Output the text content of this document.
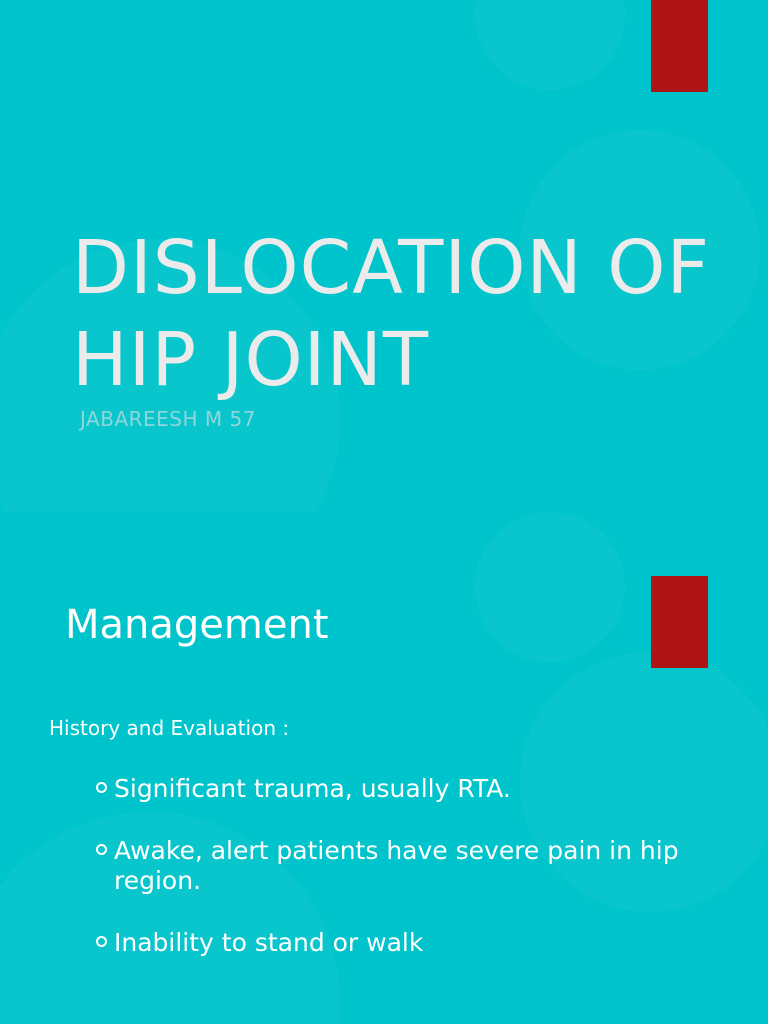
DISLOCATION OF HIP JOINT
JABAREESH M 57
Management
History and Evaluation :
Significant trauma, usually RTA.
Awake, alert patients have severe pain in hip region.
Inability to stand or walk
